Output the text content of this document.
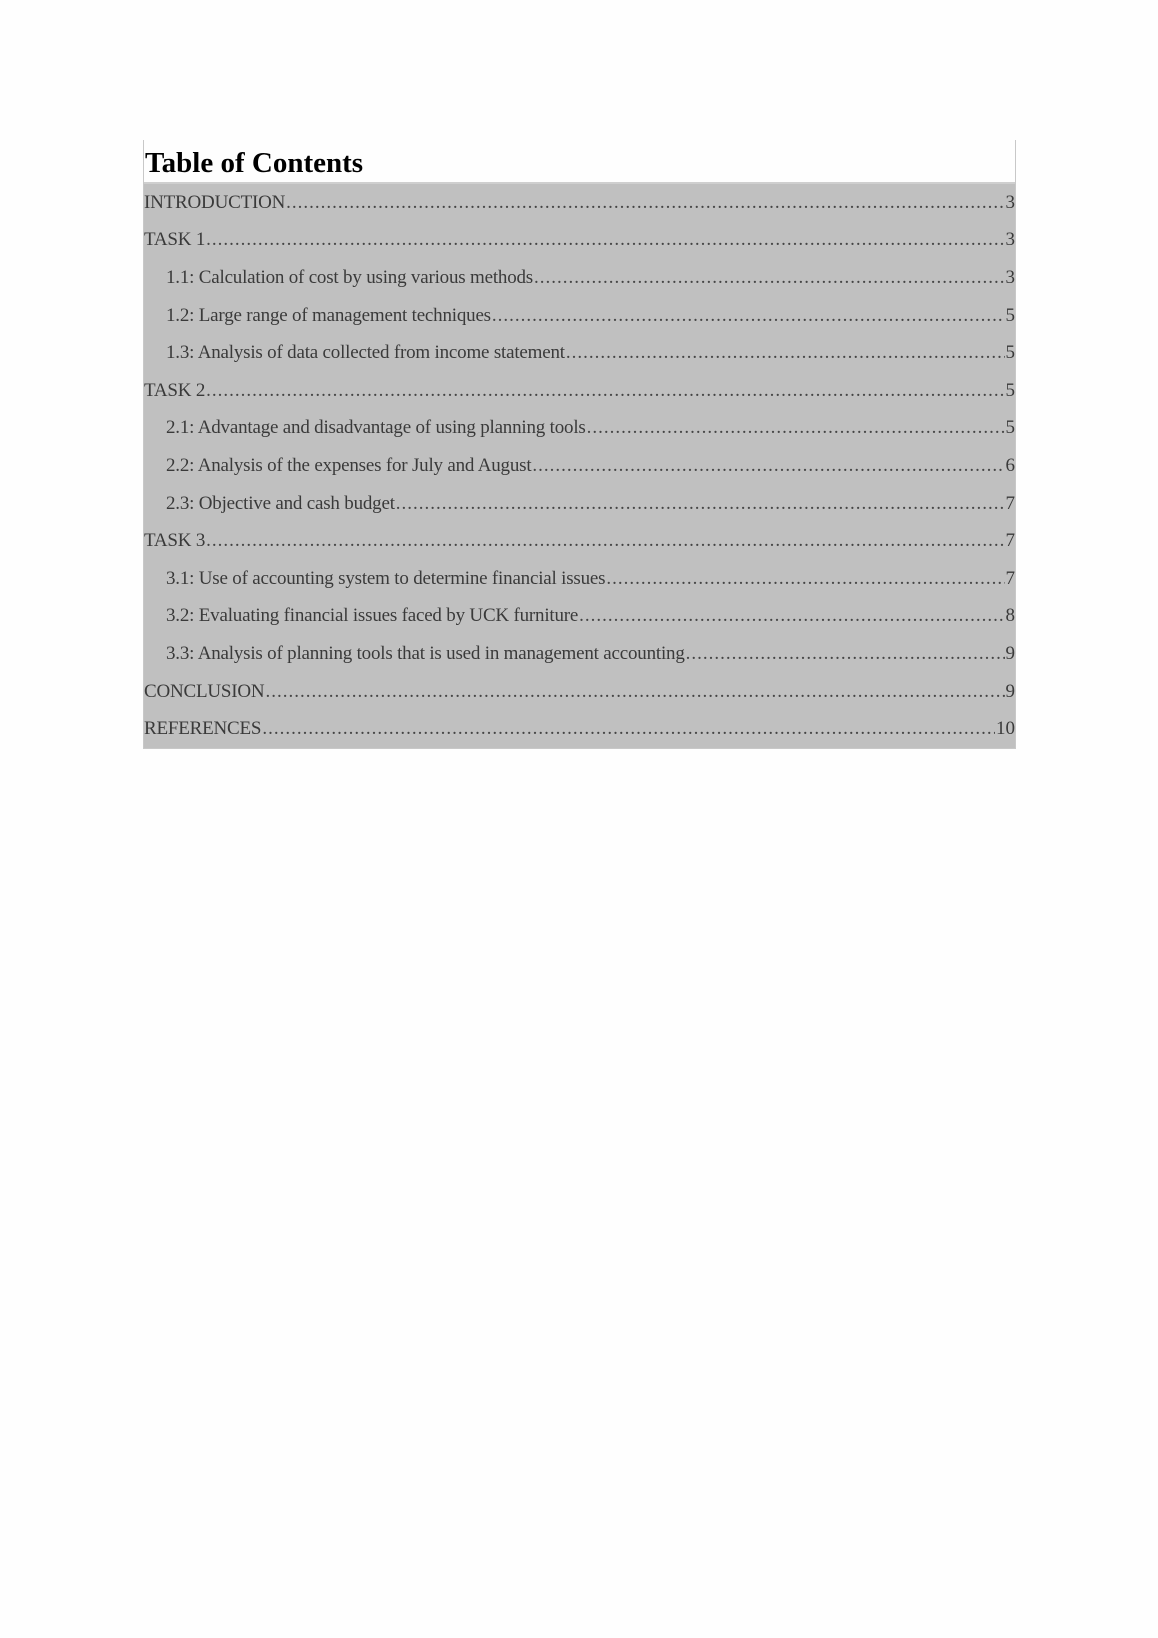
Table of Contents
INTRODUCTION .....	3
TASK 1 .....	3
1.1: Calculation of cost by using various methods .....	3
1.2: Large range of management techniques .....	5
1.3: Analysis of data collected from income statement .....	5
TASK 2 .....	5
2.1: Advantage and disadvantage of using planning tools .....	5
2.2: Analysis of the expenses for July and August .....	6
2.3: Objective and cash budget .....	7
TASK 3 .....	7
3.1: Use of accounting system to determine financial issues .....	7
3.2: Evaluating financial issues faced by UCK furniture .....	8
3.3: Analysis of planning tools that is used in management accounting .....	9
CONCLUSION .....	9
REFERENCES .....	10
